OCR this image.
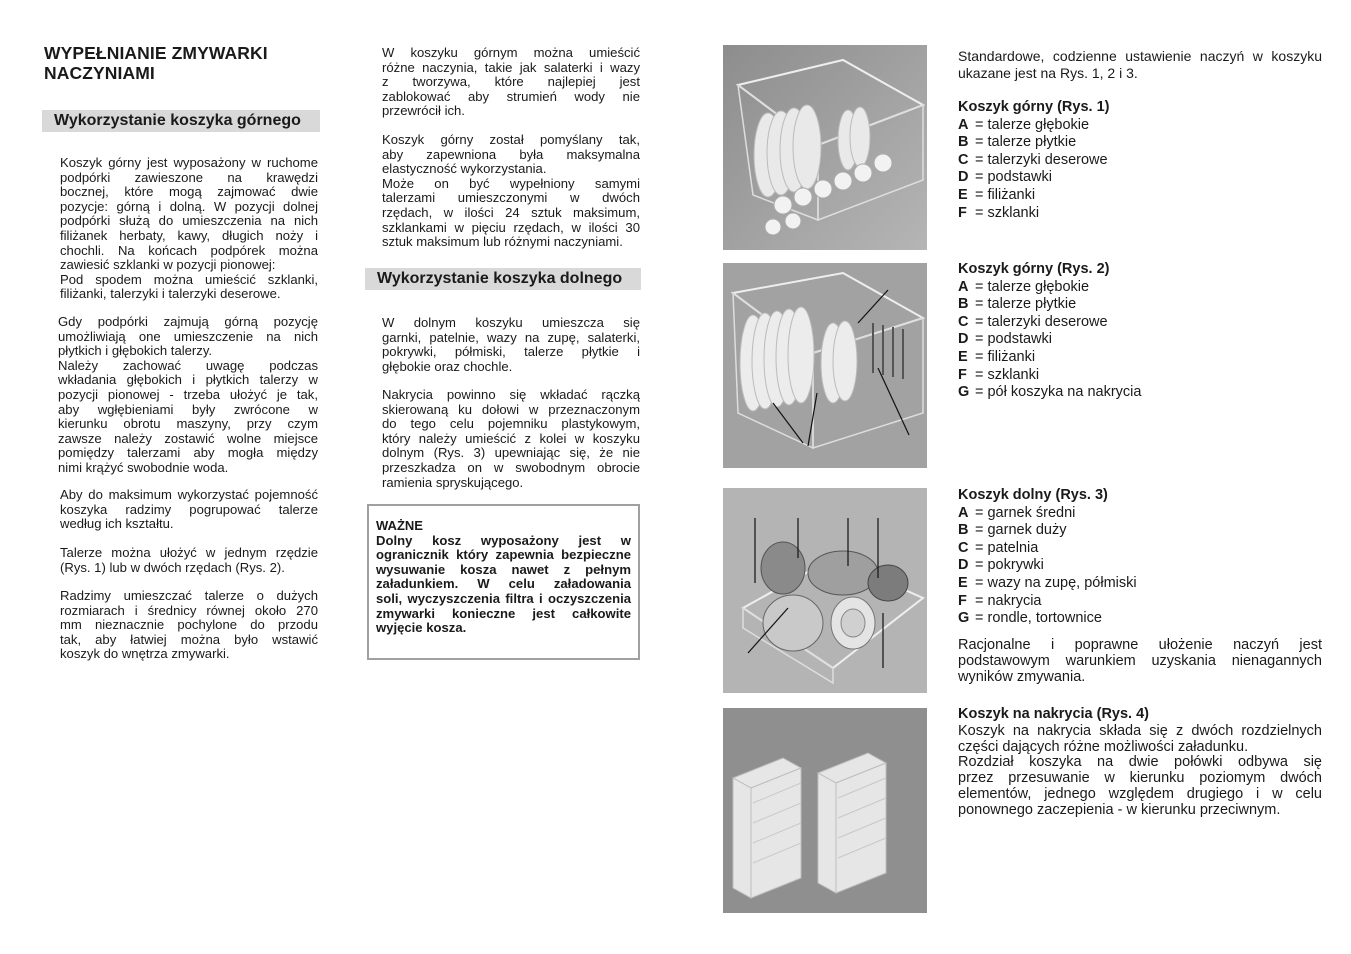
WYPEŁNIANIE ZMYWARKI
NACZYNIAMI
Wykorzystanie koszyka górnego

Koszyk górny jest wyposażony w ruchome
podpórki zawieszone na krawędzi
bocznej, które mogą zajmować dwie
pozycje: górną i dolną. W pozycji dolnej
podpórki służą do umieszczenia na nich
filiżanek herbaty, kawy, długich noży i
chochli. Na końcach podpórek można
zawiesić szklanki w pozycji pionowej:
Pod spodem można umieścić szklanki,
filiżanki, talerzyki i talerzyki deserowe.

Gdy podpórki zajmują górną pozycję
umożliwiają one umieszczenie na nich
płytkich i głębokich talerzy.
Należy zachować uwagę podczas
wkładania głębokich i płytkich talerzy w
pozycji pionowej - trzeba ułożyć je tak,
aby wgłębieniami były zwrócone w
kierunku obrotu maszyny, przy czym
zawsze należy zostawić wolne miejsce
pomiędzy talerzami aby mogła między
nimi krążyć swobodnie woda.

Aby do maksimum wykorzystać pojemność
koszyka radzimy pogrupować talerze
według ich kształtu.

Talerze można ułożyć w jednym rzędzie
(Rys. 1) lub w dwóch rzędach (Rys. 2).

Radzimy umieszczać talerze o dużych
rozmiarach i średnicy równej około 270
mm nieznacznie pochylone do przodu
tak, aby łatwiej można było wstawić
koszyk do wnętrza zmywarki.

W koszyku górnym można umieścić
różne naczynia, takie jak salaterki i wazy
z tworzywa, które najlepiej jest
zablokować aby strumień wody nie
przewrócił ich.

Koszyk górny został pomyślany tak,
aby zapewniona była maksymalna
elastyczność wykorzystania.
Może on być wypełniony samymi
talerzami umieszczonymi w dwóch
rzędach, w ilości 24 sztuk maksimum,
szklankami w pięciu rzędach, w ilości 30
sztuk maksimum lub różnymi naczyniami.

Wykorzystanie koszyka dolnego

W dolnym koszyku umieszcza się
garnki, patelnie, wazy na zupę, salaterki,
pokrywki, półmiski, talerze płytkie i
głębokie oraz chochle.

Nakrycia powinno się wkładać rączką
skierowaną ku dołowi w przeznaczonym
do tego celu pojemniku plastykowym,
który należy umieścić z kolei w koszyku
dolnym (Rys. 3) upewniając się, że nie
przeszkadza on w swobodnym obrocie
ramienia spryskującego.

WAŻNE

Dolny kosz wyposażony jest w
ogranicznik który zapewnia bezpieczne
wysuwanie kosza nawet z pełnym
załadunkiem. W celu załadowania
soli, wyczyszczenia filtra i oczyszczenia
zmywarki konieczne jest całkowite
wyjęcie kosza.

Standardowe, codzienne ustawienie naczyń w koszyku
ukazane jest na Rys. 1, 2 i 3.

Koszyk górny (Rys. 1)
A = talerze głębokie
B = talerze płytkie
C = talerzyki deserowe
D = podstawki
E = filiżanki
F = szklanki
Koszyk górny (Rys. 2)
A = talerze głębokie
B = talerze płytkie
C = talerzyki deserowe
D = podstawki
E = filiżanki
F = szklanki
G = pół koszyka na nakrycia
Koszyk dolny (Rys. 3)
A = garnek średni
B = garnek duży
C = patelnia
D = pokrywki
E = wazy na zupę, półmiski
F = nakrycia
G = rondle, tortownice

Racjonalne i poprawne ułożenie naczyń jest
podstawowym warunkiem uzyskania nienagannych
wyników zmywania.

Koszyk na nakrycia (Rys. 4)

Koszyk na nakrycia składa się z dwóch rozdzielnych
części dających różne możliwości załadunku.
Rozdział koszyka na dwie połówki odbywa się
przez przesuwanie w kierunku poziomym dwóch
elementów, jednego względem drugiego i w celu
ponownego zaczepienia - w kierunku przeciwnym.
